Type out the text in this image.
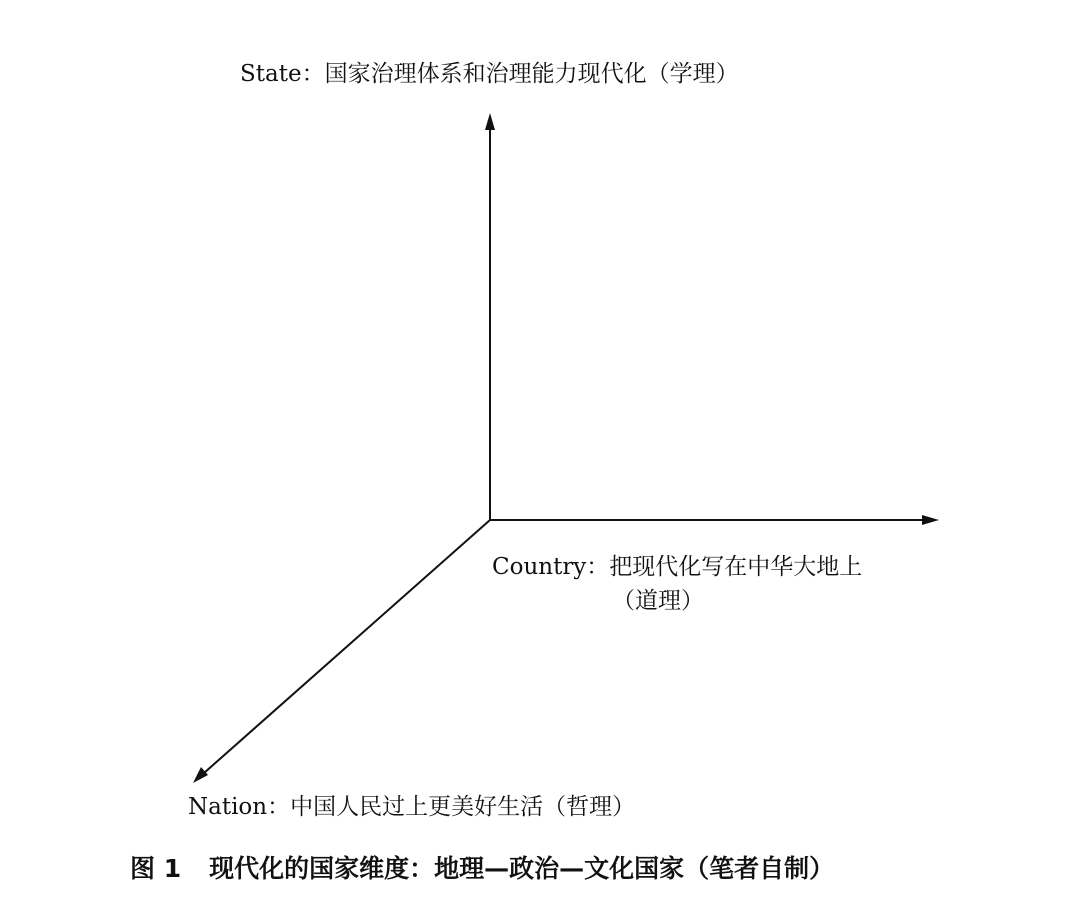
State：国家治理体系和治理能力现代化（学理）
Country：把现代化写在中华大地上
（道理）
Nation：中国人民过上更美好生活（哲理）
图 1 现代化的国家维度：地理—政治—文化国家（笔者自制）
